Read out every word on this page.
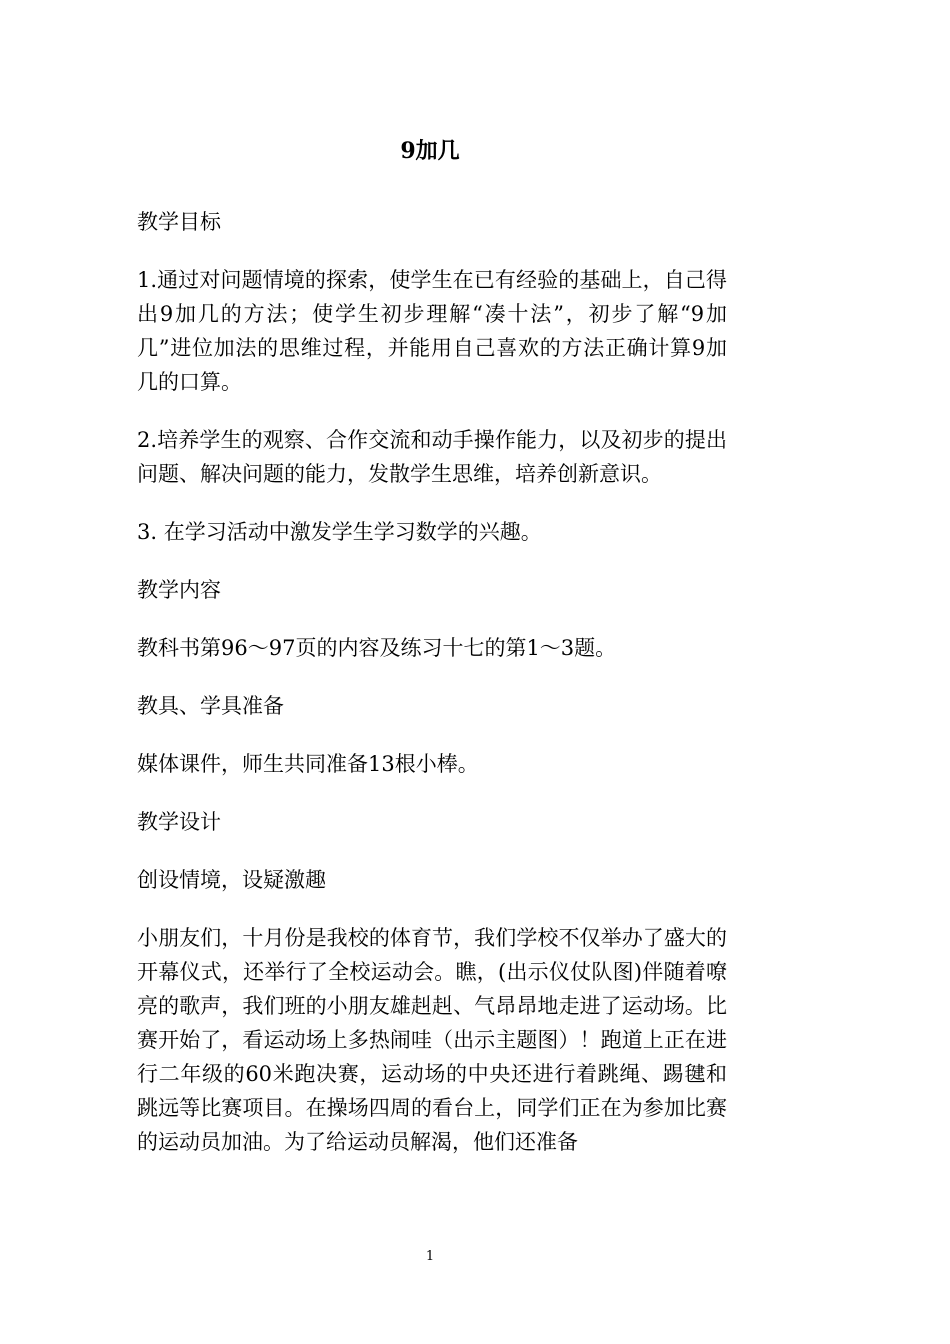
9加几

教学目标

1.通过对问题情境的探索，使学生在已有经验的基础上，自己得出9加几的方法；使学生初步理解“凑十法”，初步了解“9加几”进位加法的思维过程，并能用自己喜欢的方法正确计算9加几的口算。

2.培养学生的观察、合作交流和动手操作能力，以及初步的提出问题、解决问题的能力，发散学生思维，培养创新意识。

3. 在学习活动中激发学生学习数学的兴趣。

教学内容

教科书第96～97页的内容及练习十七的第1～3题。

教具、学具准备

媒体课件，师生共同准备13根小棒。

教学设计

创设情境，设疑激趣

小朋友们，十月份是我校的体育节，我们学校不仅举办了盛大的开幕仪式，还举行了全校运动会。瞧，(出示仪仗队图)伴随着嘹亮的歌声，我们班的小朋友雄赳赳、气昂昂地走进了运动场。比赛开始了，看运动场上多热闹哇（出示主题图）！跑道上正在进行二年级的60米跑决赛，运动场的中央还进行着跳绳、踢毽和跳远等比赛项目。在操场四周的看台上，同学们正在为参加比赛的运动员加油。为了给运动员解渴，他们还准备

1
